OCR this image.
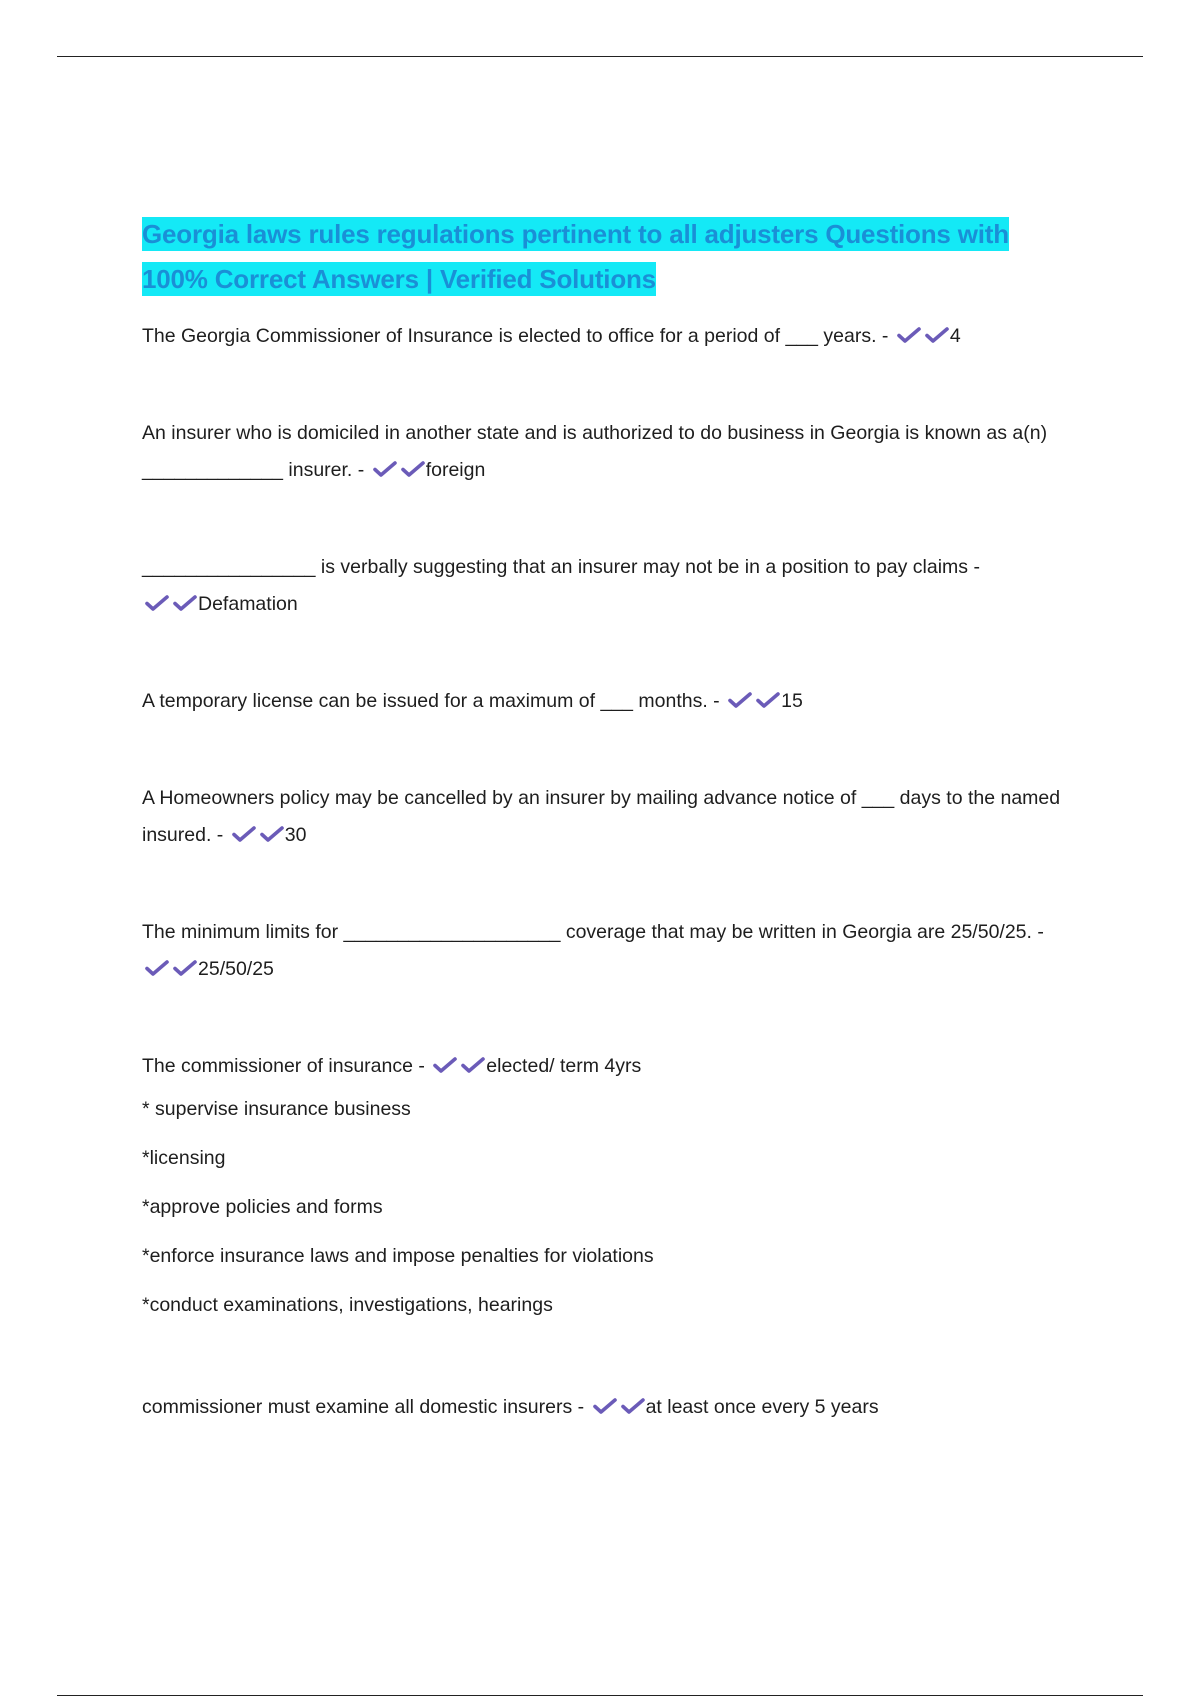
Georgia laws rules regulations pertinent to all adjusters Questions with 100% Correct Answers | Verified Solutions

The Georgia Commissioner of Insurance is elected to office for a period of ___ years. -	4

An insurer who is domiciled in another state and is authorized to do business in Georgia is known as a(n) _____________ insurer. -	foreign

________________ is verbally suggesting that an insurer may not be in a position to pay claims -
Defamation

A temporary license can be issued for a maximum of ___ months. -	15

A Homeowners policy may be cancelled by an insurer by mailing advance notice of ___ days to the named insured. -	30

The minimum limits for ____________________ coverage that may be written in Georgia are 25/50/25. -
25/50/25

The commissioner of insurance -	elected/ term 4yrs

* supervise insurance business

*licensing

*approve policies and forms

*enforce insurance laws and impose penalties for violations

*conduct examinations, investigations, hearings

commissioner must examine all domestic insurers -	at least once every 5 years
